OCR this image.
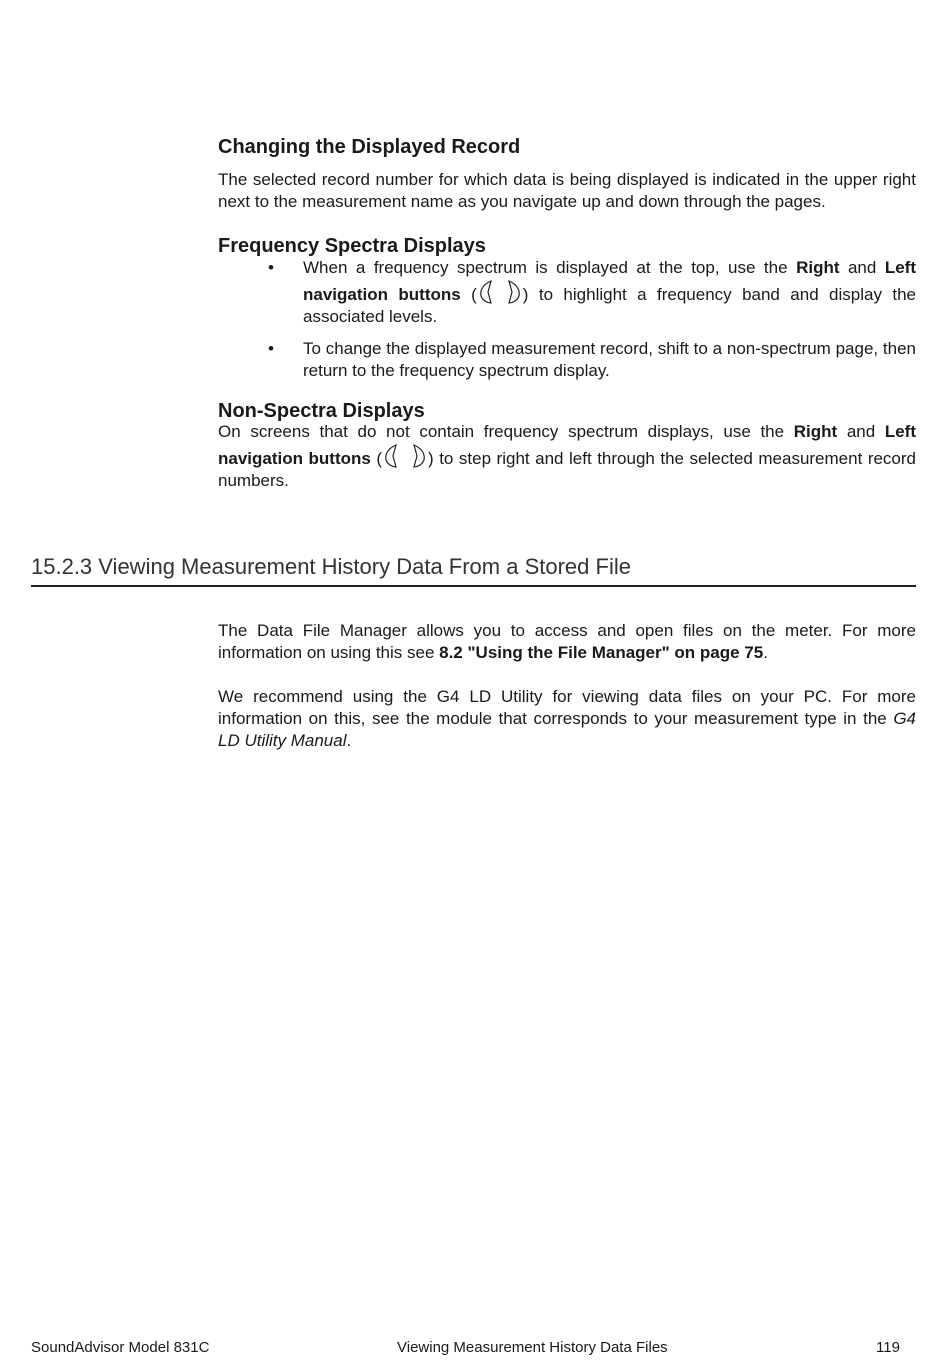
Changing the Displayed Record

The selected record number for which data is being displayed is indicated in the upper right next to the measurement name as you navigate up and down through the pages.

Frequency Spectra Displays
• When a frequency spectrum is displayed at the top, use the Right and Left navigation buttons (	) to highlight a frequency band and display the associated levels.
• To change the displayed measurement record, shift to a non-spectrum page, then return to the frequency spectrum display.
Non-Spectra Displays

On screens that do not contain frequency spectrum displays, use the Right and Left navigation buttons (	) to step right and left through the selected measurement record numbers.

15.2.3 Viewing Measurement History Data From a Stored File

The Data File Manager allows you to access and open files on the meter. For more information on using this see 8.2 "Using the File Manager" on page 75.

We recommend using the G4 LD Utility for viewing data files on your PC. For more information on this, see the module that corresponds to your measurement type in the G4 LD Utility Manual.

SoundAdvisor Model 831C	Viewing Measurement History Data Files	119
